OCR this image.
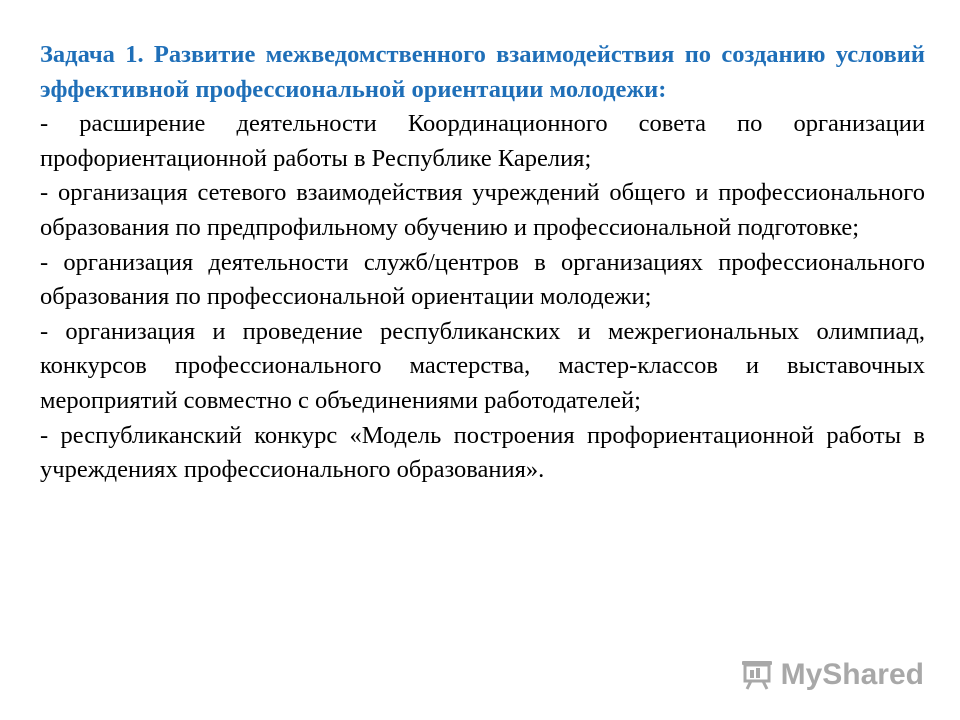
Задача 1. Развитие межведомственного взаимодействия по созданию условий эффективной профессиональной ориентации молодежи:

- расширение деятельности Координационного совета по организации профориентационной работы в Республике Карелия;

- организация сетевого взаимодействия учреждений общего и профессионального образования по предпрофильному обучению и профессиональной подготовке;

- организация деятельности служб/центров в организациях профессионального образования по профессиональной ориентации молодежи;

- организация и проведение республиканских и межрегиональных олимпиад, конкурсов профессионального мастерства, мастер-классов и выставочных мероприятий совместно с объединениями работодателей;

- республиканский конкурс «Модель построения профориентационной работы в учреждениях профессионального образования».

MyShared
